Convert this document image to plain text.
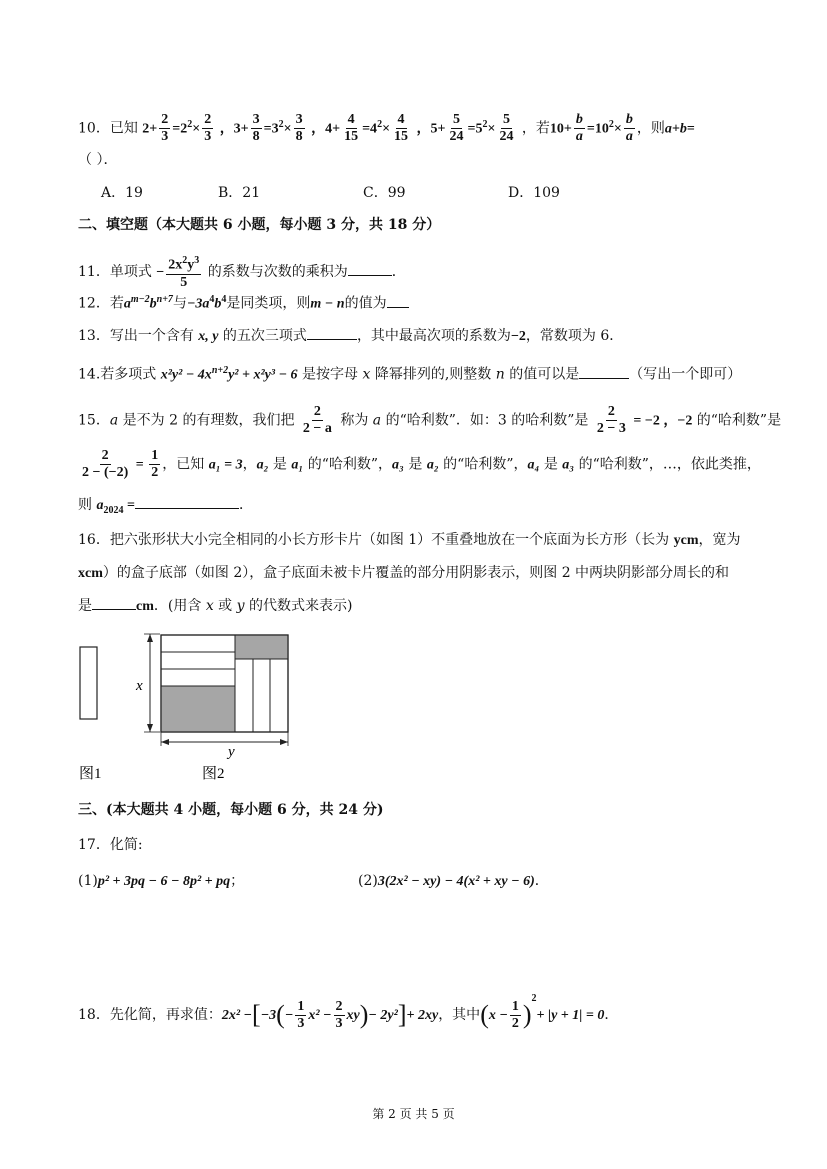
10．已知 $2+ \frac{2}{3} =2^2\times \frac{2}{3}$ ，$3+ \frac{3}{8} =3^2\times \frac{3}{8}$ ，$4+ \frac{4}{15} =4^2\times \frac{4}{15}$ ，$5+ \frac{5}{24} =5^2\times \frac{5}{24}$ ，若$10+ \frac{b}{a} =10^2\times \frac{b}{a}$ ，则a+b=
（ ）．
A．19	B．21	C．99	D．109
二、填空题（本大题共 6 小题，每小题 3 分，共 18 分）
11．单项式 − $\frac{2x^2y^3}{5}$ 的系数与次数的乘积为	．
12．若$a^{m-2}b^{n+7}$与$-3a^4b^4$是同类项，则m − n的值为
13．写出一个含有 x, y 的五次三项式	，其中最高次项的系数为−2，常数项为 6．
14.若多项式 $x^2y^2 - 4x^{n+2}y^2 + x^2y^3 - 6$ 是按字母 x 降幂排列的,则整数 n 的值可以是	（写出一个即可）
15．a 是不为 2 的有理数，我们把 $\frac{2}{2 - a}$ 称为 a 的“哈利数”．如：3 的哈利数”是 $\frac{2}{2 - 3} = -2$ ，−2 的“哈利数”是
$\frac{2}{2 - (-2)} = \frac{1}{2}$ ，已知 a₁ = 3，a₂ 是 a₁ 的“哈利数”，a₃ 是 a₂ 的“哈利数”，a₄ 是 a₃ 的“哈利数”，…，依此类推，
则 $a_{2024}$ =	．
16．把六张形状大小完全相同的小长方形卡片（如图 1）不重叠地放在一个底面为长方形（长为 ycm，宽为
xcm）的盒子底部（如图 2），盒子底面未被卡片覆盖的部分用阴影表示，则图 2 中两块阴影部分周长的和
是	cm．(用含 x 或 y 的代数式来表示)
x
y
图1	图2
三、(本大题共 4 小题，每小题 6 分，共 24 分)
17．化简:
(1)p² + 3pq − 6 − 8p² + pq；	(2)3(2x² − xy) − 4(x² + xy − 6)．
18．先化简，再求值：$2x^2 -[-3(- \frac{1}{3} x^2 - \frac{2}{3} xy)- 2y^2]+ 2xy$，其中$(x - \frac{1}{2} )^2+ |y + 1| = 0$．
第 2 页 共 5 页
